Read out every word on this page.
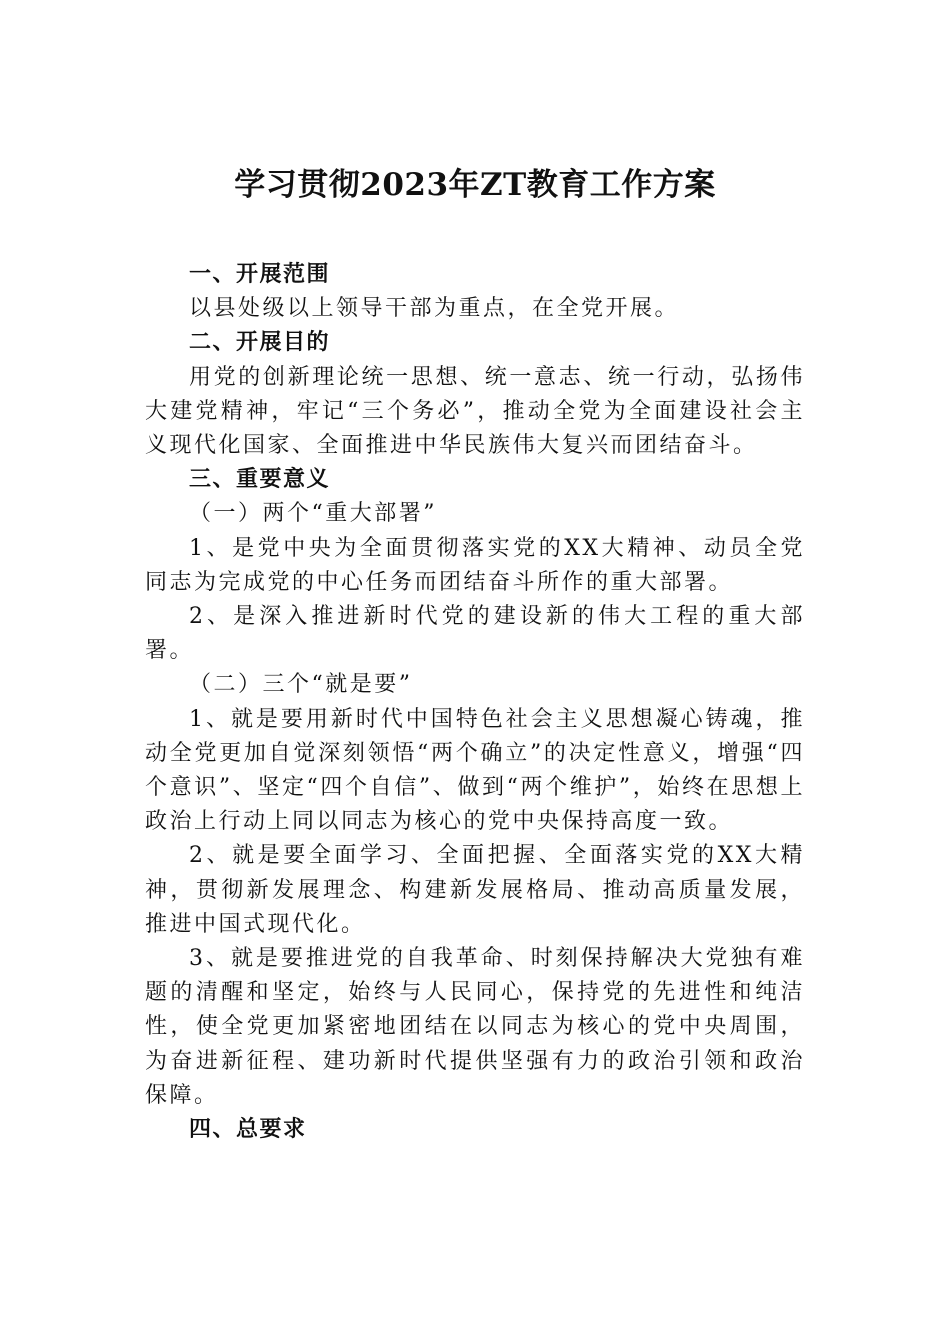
学习贯彻2023年ZT教育工作方案

一、开展范围

以县处级以上领导干部为重点，在全党开展。

二、开展目的

用党的创新理论统一思想、统一意志、统一行动，弘扬伟大建党精神，牢记“三个务必”，推动全党为全面建设社会主义现代化国家、全面推进中华民族伟大复兴而团结奋斗。

三、重要意义

（一）两个“重大部署”

1、是党中央为全面贯彻落实党的XX大精神、动员全党同志为完成党的中心任务而团结奋斗所作的重大部署。

2、是深入推进新时代党的建设新的伟大工程的重大部署。

（二）三个“就是要”

1、就是要用新时代中国特色社会主义思想凝心铸魂，推动全党更加自觉深刻领悟“两个确立”的决定性意义，增强“四个意识”、坚定“四个自信”、做到“两个维护”，始终在思想上政治上行动上同以同志为核心的党中央保持高度一致。

2、就是要全面学习、全面把握、全面落实党的XX大精神，贯彻新发展理念、构建新发展格局、推动高质量发展，推进中国式现代化。

3、就是要推进党的自我革命、时刻保持解决大党独有难题的清醒和坚定，始终与人民同心，保持党的先进性和纯洁性，使全党更加紧密地团结在以同志为核心的党中央周围，为奋进新征程、建功新时代提供坚强有力的政治引领和政治保障。

四、总要求
